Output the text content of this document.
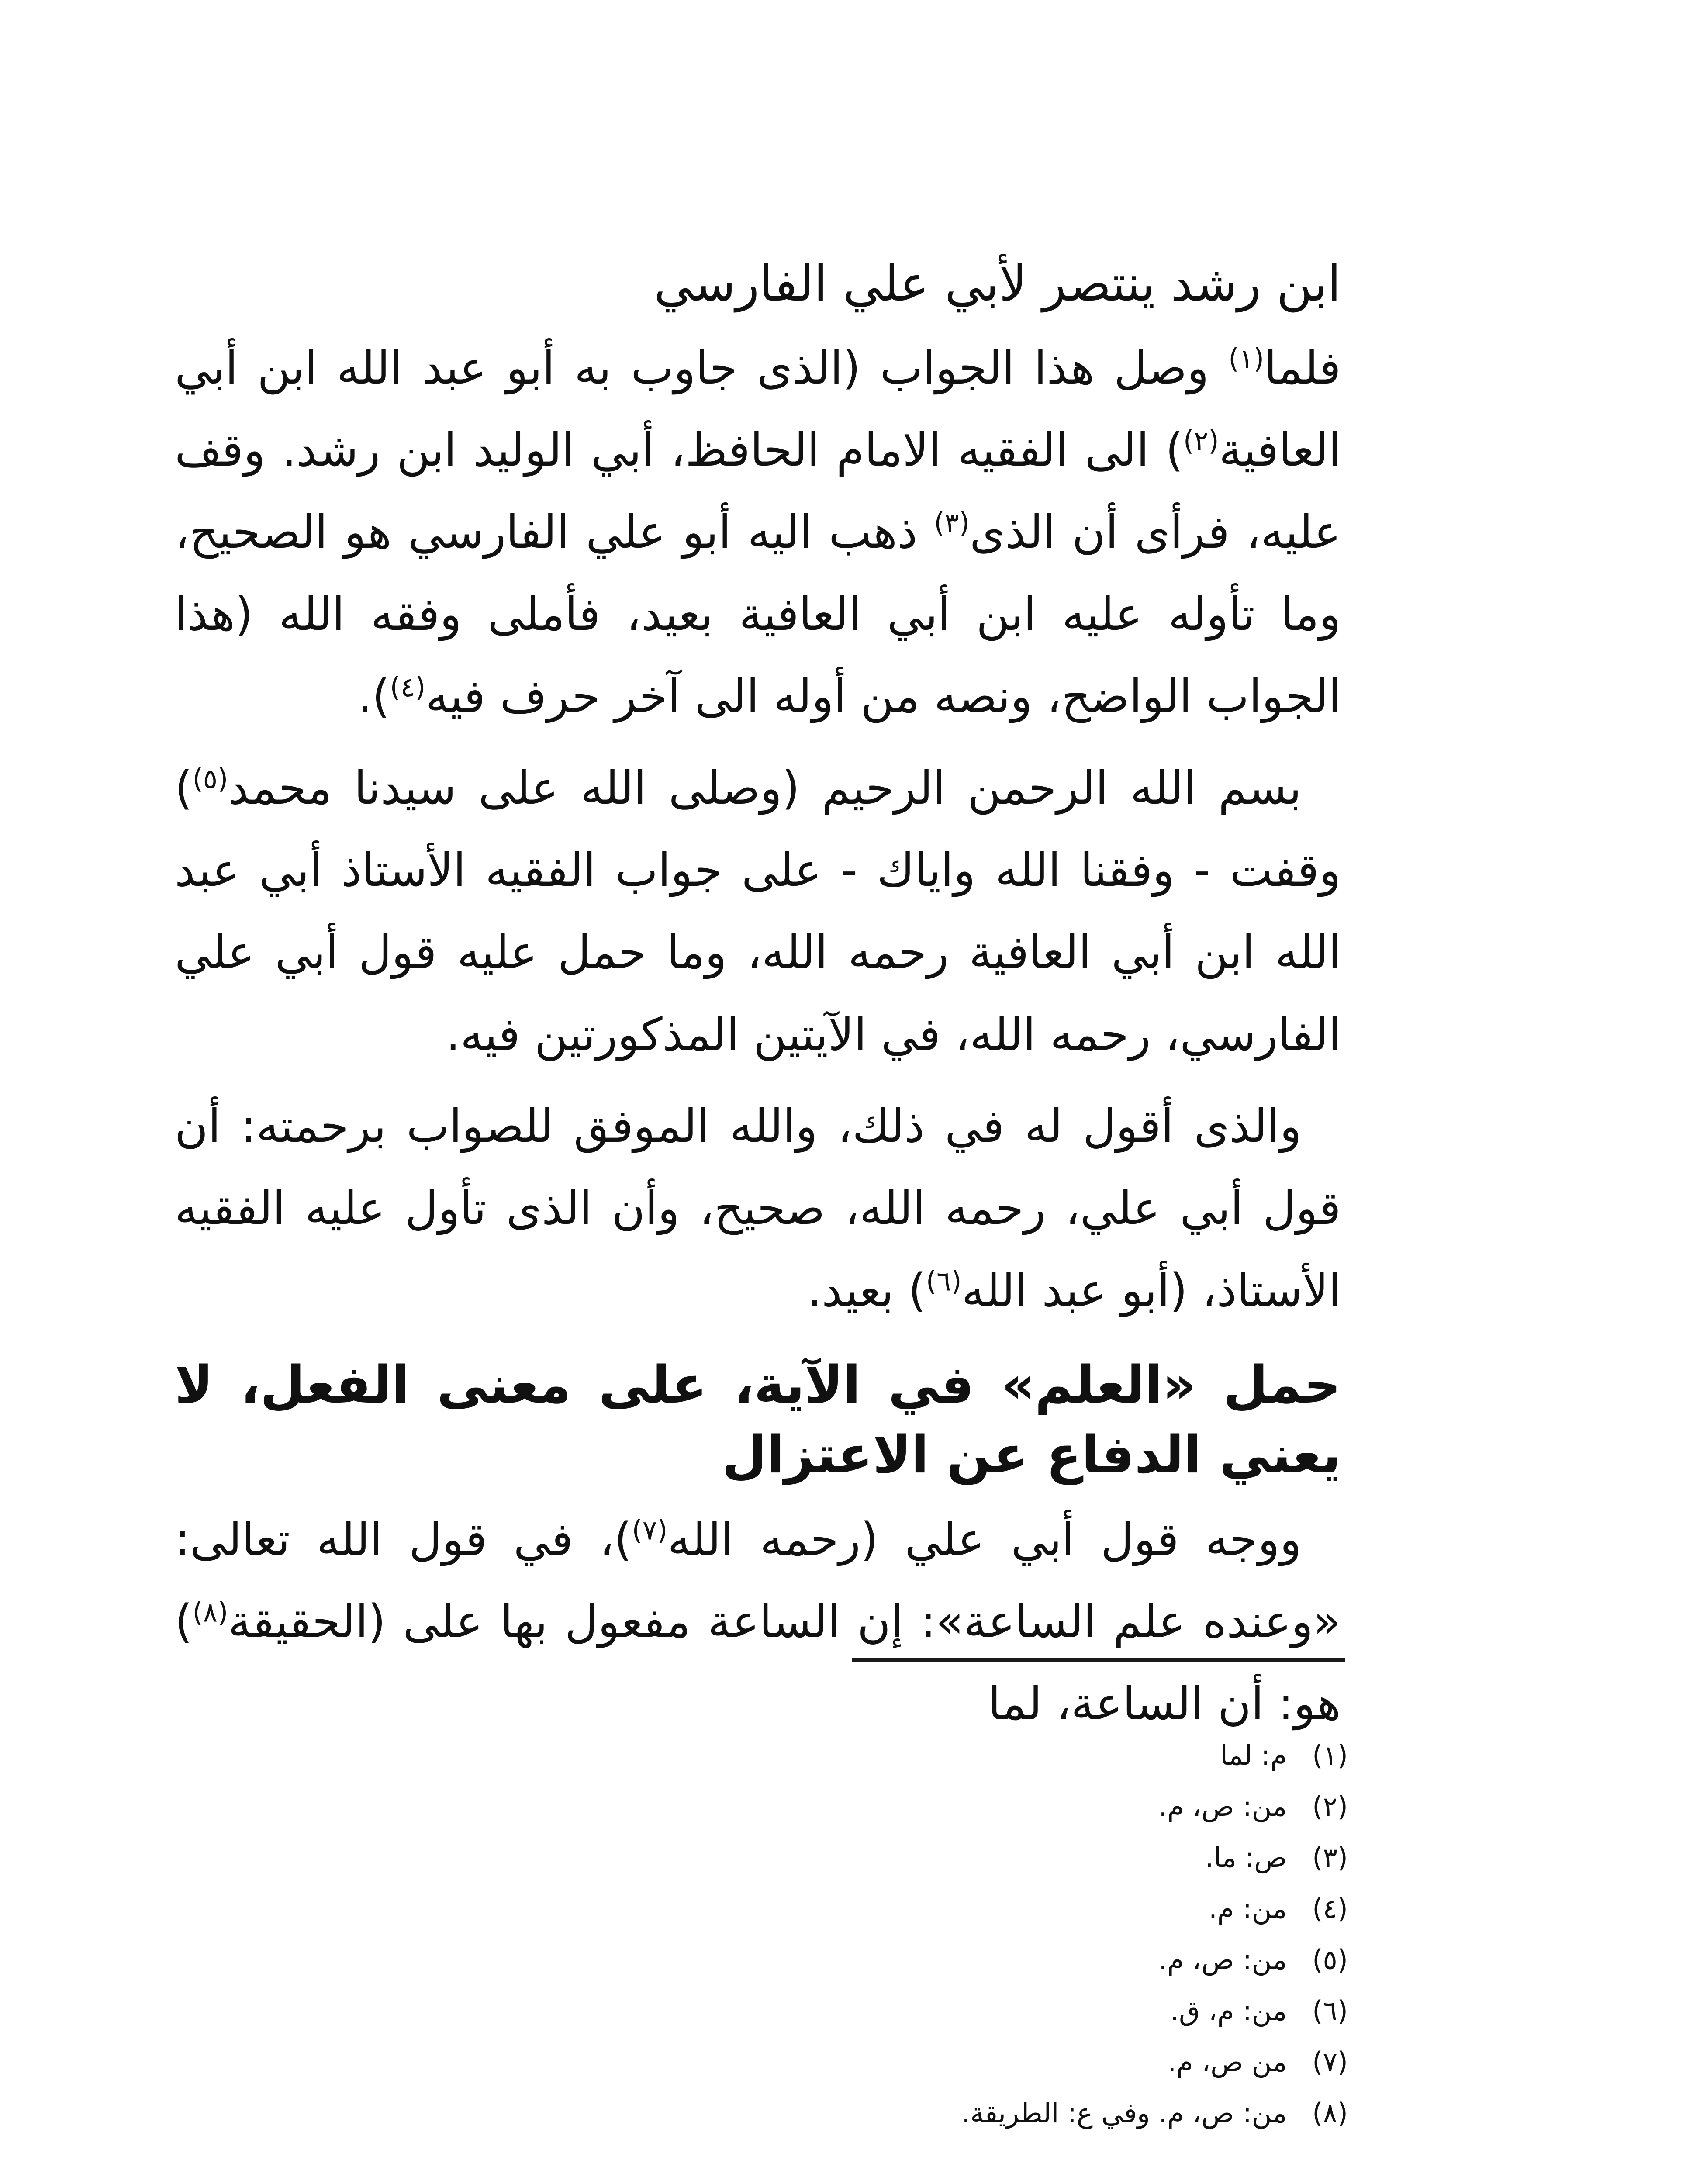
ابن رشد ينتصر لأبي علي الفارسي

فلما$^{(١)}$ وصل هذا الجواب (الذى جاوب به أبو عبد الله ابن أبي العافية$^{(٢)}$) الى الفقيه الامام الحافظ، أبي الوليد ابن رشد. وقف عليه، فرأى أن الذى$^{(٣)}$ ذهب اليه أبو علي الفارسي هو الصحيح، وما تأوله عليه ابن أبي العافية بعيد، فأملى وفقه الله (هذا الجواب الواضح، ونصه من أوله الى آخر حرف فيه$^{(٤)}$).

بسم الله الرحمن الرحيم (وصلى الله على سيدنا محمد$^{(٥)}$) وقفت - وفقنا الله واياك - على جواب الفقيه الأستاذ أبي عبد الله ابن أبي العافية رحمه الله، وما حمل عليه قول أبي علي الفارسي، رحمه الله، في الآيتين المذكورتين فيه.

والذى أقول له في ذلك، والله الموفق للصواب برحمته: أن قول أبي علي، رحمه الله، صحيح، وأن الذى تأول عليه الفقيه الأستاذ، (أبو عبد الله$^{(٦)}$) بعيد.

حمل «العلم» في الآية، على معنى الفعل، لا يعني الدفاع عن الاعتزال

ووجه قول أبي علي (رحمه الله$^{(٧)}$)، في قول الله تعالى: «وعنده علم الساعة»: إن الساعة مفعول بها على (الحقيقة$^{(٨)}$) هو: أن الساعة، لما

(١) م: لما
(٢) من: ص، م.
(٣) ص: ما.
(٤) من: م.
(٥) من: ص، م.
(٦) من: م، ق.
(٧) من ص، م.
(٨) من: ص، م. وفي ع: الطريقة.
